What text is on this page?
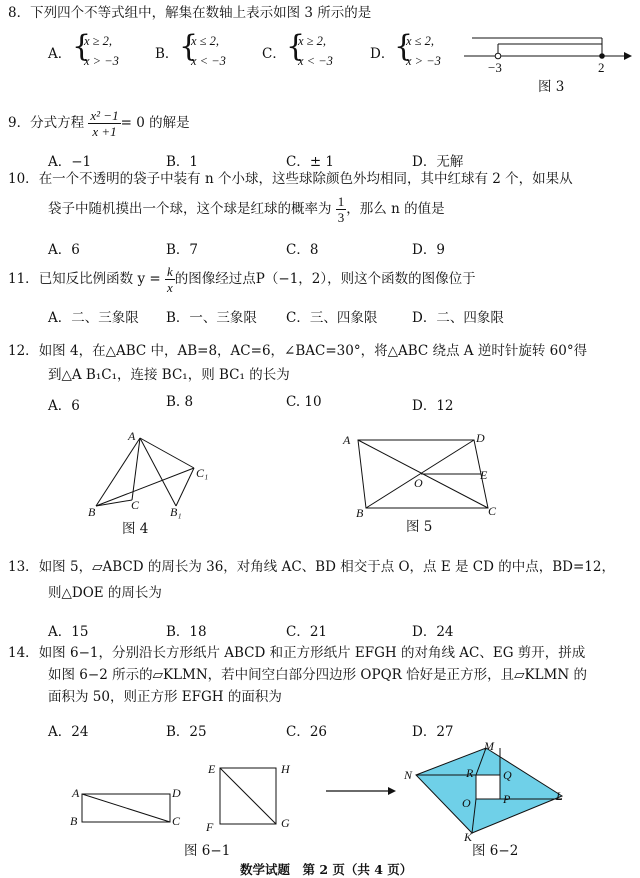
8．下列四个不等式组中，解集在数轴上表示如图 3 所示的是
A． {
x ≥ 2,
x > −3	B． {
x ≤ 2,
x < −3	C． {
x ≥ 2,
x < −3	D． {
x ≤ 2,
x > −3	−3	2
图 3
9．分式方程 $\frac{\text{x² −1}}{x +1} = 0$ 的解是
A．−1	B．1	C．± 1	D．无解
10．在一个不透明的袋子中装有 n 个小球，这些球除颜色外均相同，其中红球有 2 个，如果从
袋子中随机摸出一个球，这个球是红球的概率为 $\frac{1}{3}$ ，那么 n 的值是
A．6	B．7	C．8	D．9
11．已知反比例函数 $y = \frac{k}{x}$ 的图像经过点P（−1，2），则这个函数的图像位于
A．二、三象限 B．一、三象限 C．三、四象限	D．二、四象限
12．如图 4，在△ABC 中，AB=8，AC=6，∠BAC=30°，将△ABC 绕点 A 逆时针旋转 60°得
到△A B₁C₁，连接 BC₁，则 BC₁ 的长为
A．6	B. 8	C. 10	D．12
A
B	C
C₁
B₁
图 4
A	D
E
O
B	C
图 5
13．如图 5，▱ABCD 的周长为 36，对角线 AC、BD 相交于点 O，点 E 是 CD 的中点，BD=12，
则△DOE 的周长为
A．15	B．18	C．21	D．24
14．如图 6−1，分别沿长方形纸片 ABCD 和正方形纸片 EFGH 的对角线 AC、EG 剪开，拼成
如图 6−2 所示的▱KLMN，若中间空白部分四边形 OPQR 恰好是正方形，且▱KLMN 的
面积为 50，则正方形 EFGH 的面积为
A．24	B．25	C．26	D．27
A	D
B	C
E	H
F	G
图 6−1
M
N	R Q
O	P	L
K
图 6−2
数学试题　第 2 页（共 4 页）
